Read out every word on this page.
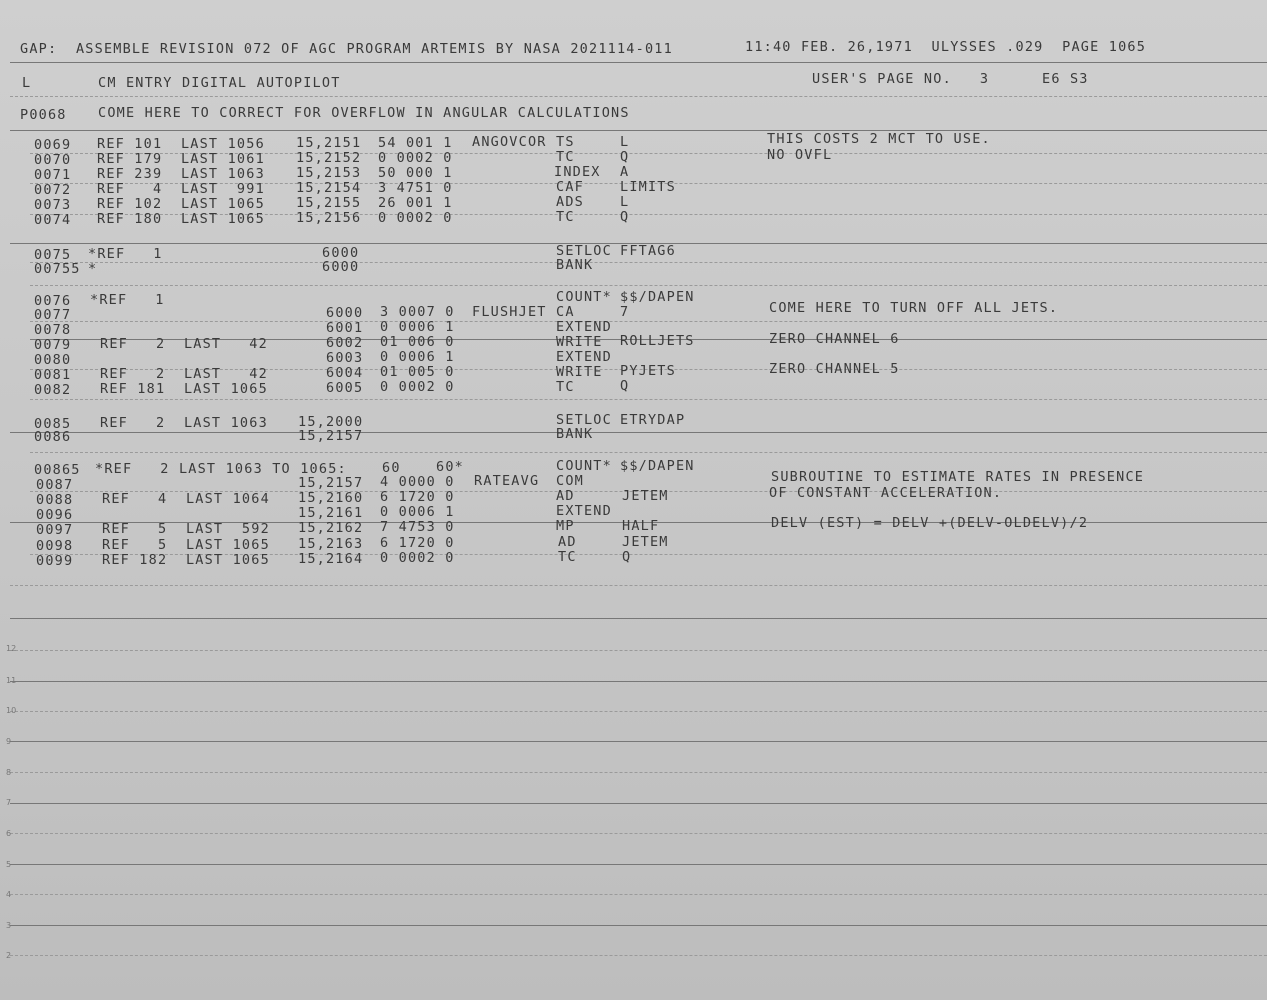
GAP:  ASSEMBLE REVISION 072 OF AGC PROGRAM ARTEMIS BY NASA 2021114-011	11:40 FEB. 26,1971  ULYSSES .029  PAGE 1065
L	CM ENTRY DIGITAL AUTOPILOT	USER'S PAGE NO.   3	E6 S3
P0068 COME HERE TO CORRECT FOR OVERFLOW IN ANGULAR CALCULATIONS
0069 REF 101  LAST 1056 15,2151 54 001 1 ANGOVCOR TS	L	THIS COSTS 2 MCT TO USE.
0070 REF 179  LAST 1061 15,2152 0 0002 0	TC	Q	NO OVFL
0071 REF 239  LAST 1063 15,2153 50 000 1	INDEX A
0072 REF   4  LAST  991 15,2154 3 4751 0	CAF	LIMITS
0073 REF 102  LAST 1065 15,2155 26 001 1	ADS	L
0074 REF 180  LAST 1065 15,2156 0 0002 0	TC	Q
0075 *REF   1	6000	SETLOC FFTAG6
00755 *	6000	BANK
0076 *REF   1	COUNT* $$/DAPEN
0077	6000 3 0007 0 FLUSHJET CA	7	COME HERE TO TURN OFF ALL JETS.
0078	6001 0 0006 1	EXTEND
0079 REF   2  LAST   42	6002 01 006 0	WRITE ROLLJETS	ZERO CHANNEL 6
0080	6003 0 0006 1	EXTEND
0081 REF   2  LAST   42	6004 01 005 0	WRITE PYJETS	ZERO CHANNEL 5
0082 REF 181  LAST 1065	6005 0 0002 0	TC	Q
0085 REF   2  LAST 1063 15,2000	SETLOC ETRYDAP
0086	15,2157	BANK
00865 *REF   2 LAST 1063 TO 1065:	60	60*	COUNT* $$/DAPEN
0087	15,2157 4 0000 0 RATEAVG COM	SUBROUTINE TO ESTIMATE RATES IN PRESENCE
0088 REF   4  LAST 1064 15,2160 6 1720 0	AD	JETEM	OF CONSTANT ACCELERATION.
0096	15,2161 0 0006 1	EXTEND
0097 REF   5  LAST  592 15,2162 7 4753 0	MP	HALF	DELV (EST) = DELV +(DELV-OLDELV)/2
0098 REF   5  LAST 1065 15,2163 6 1720 0	AD	JETEM
0099 REF 182  LAST 1065 15,2164 0 0002 0	TC	Q
12
11
10
9
8
7
6
5
4
3
2
